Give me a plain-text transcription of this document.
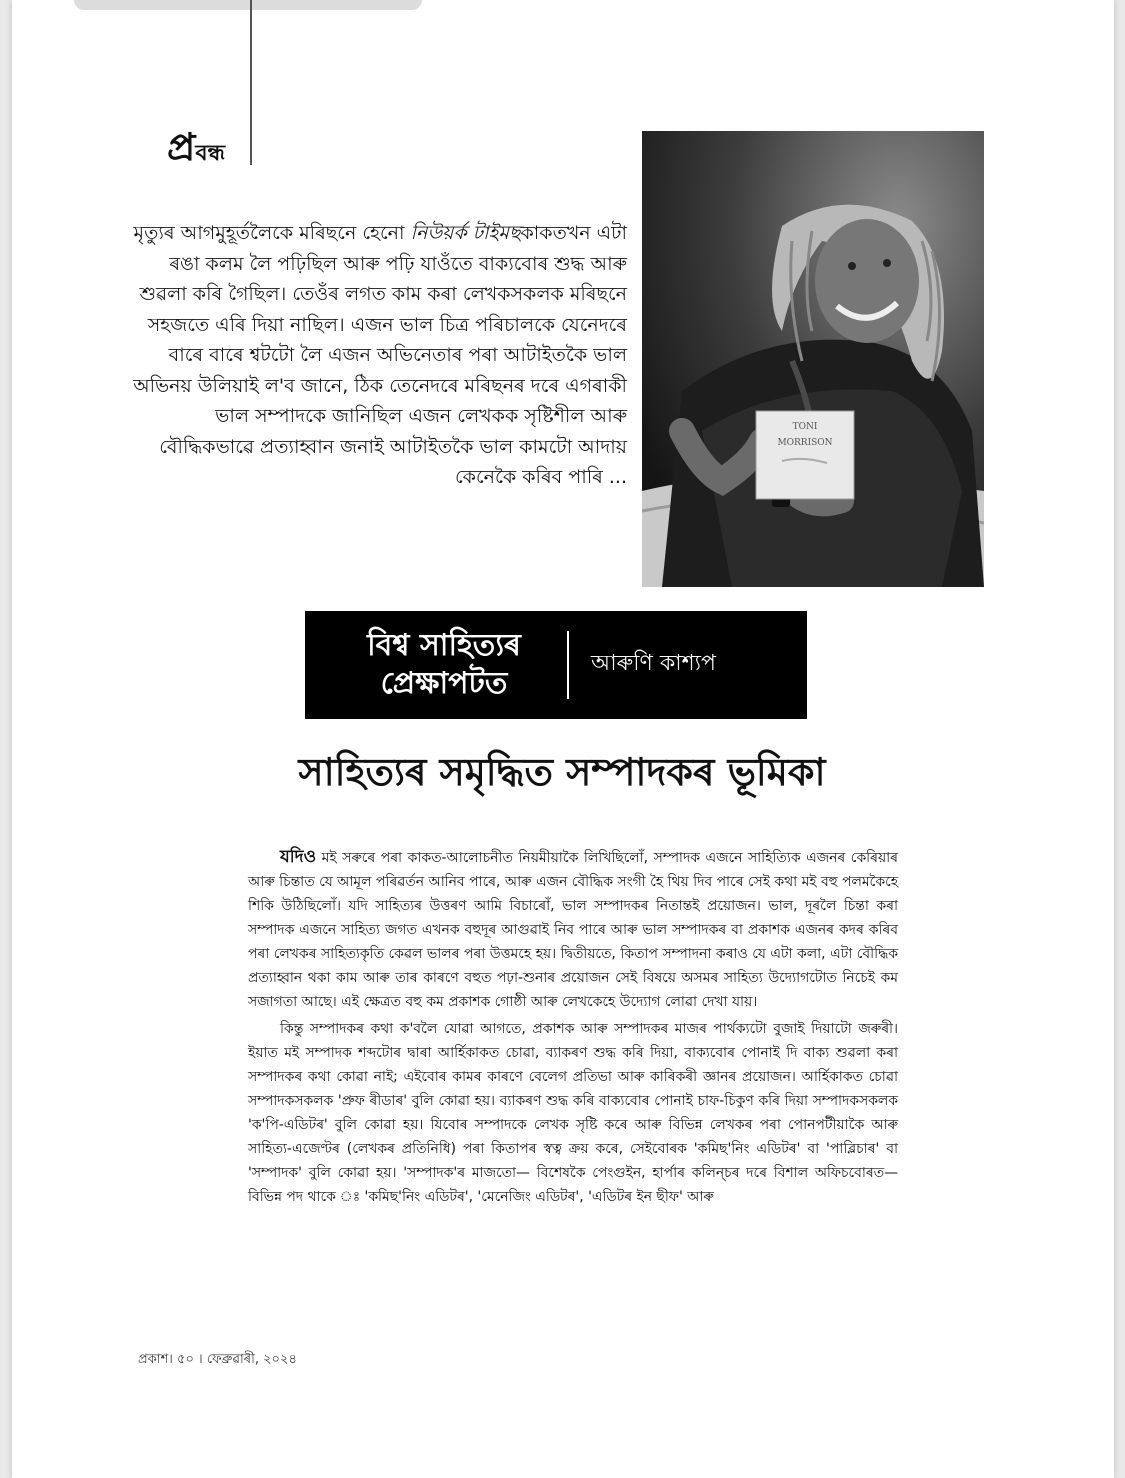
প্রবন্ধ
মৃত্যুৰ আগমুহূৰ্তলৈকে মৰিছনে হেনো নিউয়ৰ্ক টাইমছকাকতখন এটা ৰঙা কলম লৈ পঢ়িছিল আৰু পঢ়ি যাওঁতে বাক্যবোৰ শুদ্ধ আৰু শুৱলা কৰি গৈছিল। তেওঁৰ লগত কাম কৰা লেখকসকলক মৰিছনে সহজতে এৰি দিয়া নাছিল। এজন ভাল চিত্ৰ পৰিচালকে যেনেদৰে বাৰে বাৰে শ্বটটো লৈ এজন অভিনেতাৰ পৰা আটাইতকৈ ভাল অভিনয় উলিয়াই ল'ব জানে, ঠিক তেনেদৰে মৰিছনৰ দৰে এগৰাকী ভাল সম্পাদকে জানিছিল এজন লেখকক সৃষ্টিশীল আৰু বৌদ্ধিকভাৱে প্ৰত্যাহ্বান জনাই আটাইতকৈ ভাল কামটো আদায় কেনেকৈ কৰিব পাৰি ...
TONI
MORRISON
বিশ্ব সাহিত্যৰ
প্ৰেক্ষাপটত
আৰুণি কাশ্যপ
সাহিত্যৰ সমৃদ্ধিত সম্পাদকৰ ভূমিকা

যদিও মই সৰুৰে পৰা কাকত-আলোচনীত নিয়মীয়াকৈ লিখিছিলোঁ, সম্পাদক এজনে সাহিত্যিক এজনৰ কেৰিয়াৰ আৰু চিন্তাত যে আমূল পৰিৱৰ্তন আনিব পাৰে, আৰু এজন বৌদ্ধিক সংগী হৈ থিয় দিব পাৰে সেই কথা মই বহু পলমকৈহে শিকি উঠিছিলোঁ। যদি সাহিত্যৰ উত্তৰণ আমি বিচাৰোঁ, ভাল সম্পাদকৰ নিতান্তই প্ৰয়োজন। ভাল, দূৰলৈ চিন্তা কৰা সম্পাদক এজনে সাহিত্য জগত এখনক বহুদূৰ আগুৱাই নিব পাৰে আৰু ভাল সম্পাদকৰ বা প্ৰকাশক এজনৰ কদৰ কৰিব পৰা লেখকৰ সাহিত্যকৃতি কেৱল ভালৰ পৰা উত্তমহে হয়। দ্বিতীয়তে, কিতাপ সম্পাদনা কৰাও যে এটা কলা, এটা বৌদ্ধিক প্ৰত্যাহ্বান থকা কাম আৰু তাৰ কাৰণে বহুত পঢ়া-শুনাৰ প্ৰয়োজন সেই বিষয়ে অসমৰ সাহিত্য উদ্যোগটোত নিচেই কম সজাগতা আছে। এই ক্ষেত্ৰত বহু কম প্ৰকাশক গোষ্ঠী আৰু লেখকেহে উদ্যোগ লোৱা দেখা যায়।

কিন্তু সম্পাদকৰ কথা ক'বলৈ যোৱা আগতে, প্ৰকাশক আৰু সম্পাদকৰ মাজৰ পাৰ্থক্যটো বুজাই দিয়াটো জৰুৰী। ইয়াত মই সম্পাদক শব্দটোৰ দ্বাৰা আৰ্হিকাকত চোৱা, ব্যাকৰণ শুদ্ধ কৰি দিয়া, বাক্যবোৰ পোনাই দি বাক্য শুৱলা কৰা সম্পাদকৰ কথা কোৱা নাই; এইবোৰ কামৰ কাৰণে বেলেগ প্ৰতিভা আৰু কাৰিকৰী জ্ঞানৰ প্ৰয়োজন। আৰ্হিকাকত চোৱা সম্পাদকসকলক 'প্ৰুফ ৰীডাৰ' বুলি কোৱা হয়। ব্যাকৰণ শুদ্ধ কৰি বাক্যবোৰ পোনাই চাফ-চিকুণ কৰি দিয়া সম্পাদকসকলক 'ক'পি-এডিটৰ' বুলি কোৱা হয়। যিবোৰ সম্পাদকে লেখক সৃষ্টি কৰে আৰু বিভিন্ন লেখকৰ পৰা পোনপটীয়াকৈ আৰু সাহিত্য-এজেণ্টৰ (লেখকৰ প্ৰতিনিধি) পৰা কিতাপৰ স্বত্ব ক্ৰয় কৰে, সেইবোৰক 'কমিছ'নিং এডিটৰ' বা 'পাব্লিচাৰ' বা 'সম্পাদক' বুলি কোৱা হয়। 'সম্পাদক'ৰ মাজতো— বিশেষকৈ পেংগুইন, হাৰ্পাৰ কলিন্‌চৰ দৰে বিশাল অফিচবোৰত— বিভিন্ন পদ থাকে ঃ 'কমিছ'নিং এডিটৰ', 'মেনেজিং এডিটৰ', 'এডিটৰ ইন ছীফ' আৰু

প্ৰকাশ। ৫০ । ফেব্ৰুৱাৰী, ২০২৪
